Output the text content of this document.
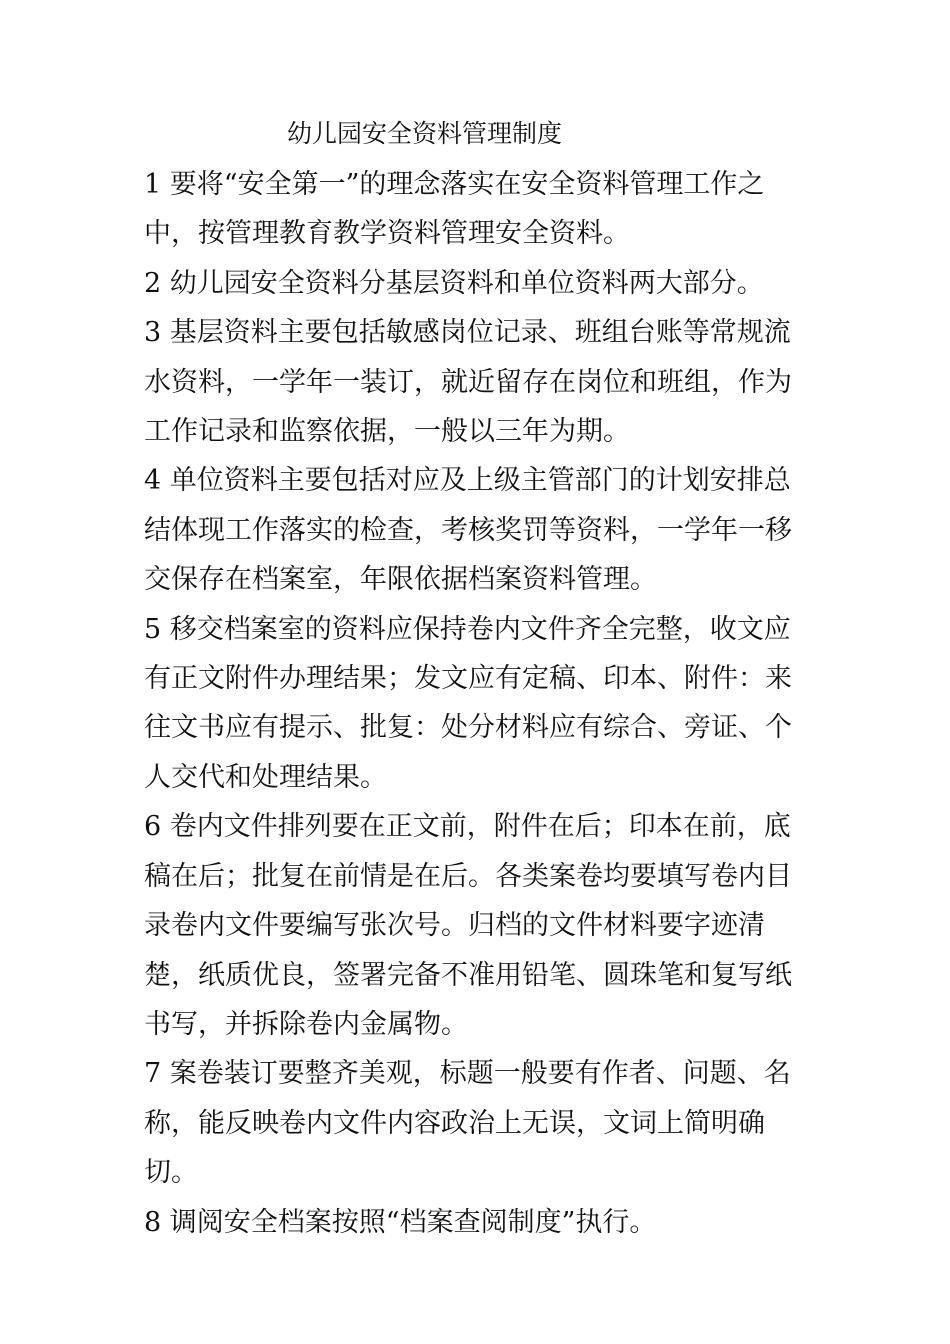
幼儿园安全资料管理制度

1 要将“安全第一”的理念落实在安全资料管理工作之中，按管理教育教学资料管理安全资料。

2 幼儿园安全资料分基层资料和单位资料两大部分。

3 基层资料主要包括敏感岗位记录、班组台账等常规流水资料，一学年一装订，就近留存在岗位和班组，作为工作记录和监察依据，一般以三年为期。

4 单位资料主要包括对应及上级主管部门的计划安排总结体现工作落实的检查，考核奖罚等资料，一学年一移交保存在档案室，年限依据档案资料管理。

5 移交档案室的资料应保持卷内文件齐全完整，收文应有正文附件办理结果；发文应有定稿、印本、附件：来往文书应有提示、批复：处分材料应有综合、旁证、个人交代和处理结果。

6 卷内文件排列要在正文前，附件在后；印本在前，底稿在后；批复在前情是在后。各类案卷均要填写卷内目录卷内文件要编写张次号。归档的文件材料要字迹清楚，纸质优良，签署完备不准用铅笔、圆珠笔和复写纸书写，并拆除卷内金属物。

7 案卷装订要整齐美观，标题一般要有作者、问题、名称，能反映卷内文件内容政治上无误，文词上简明确切。

8 调阅安全档案按照“档案查阅制度”执行。
